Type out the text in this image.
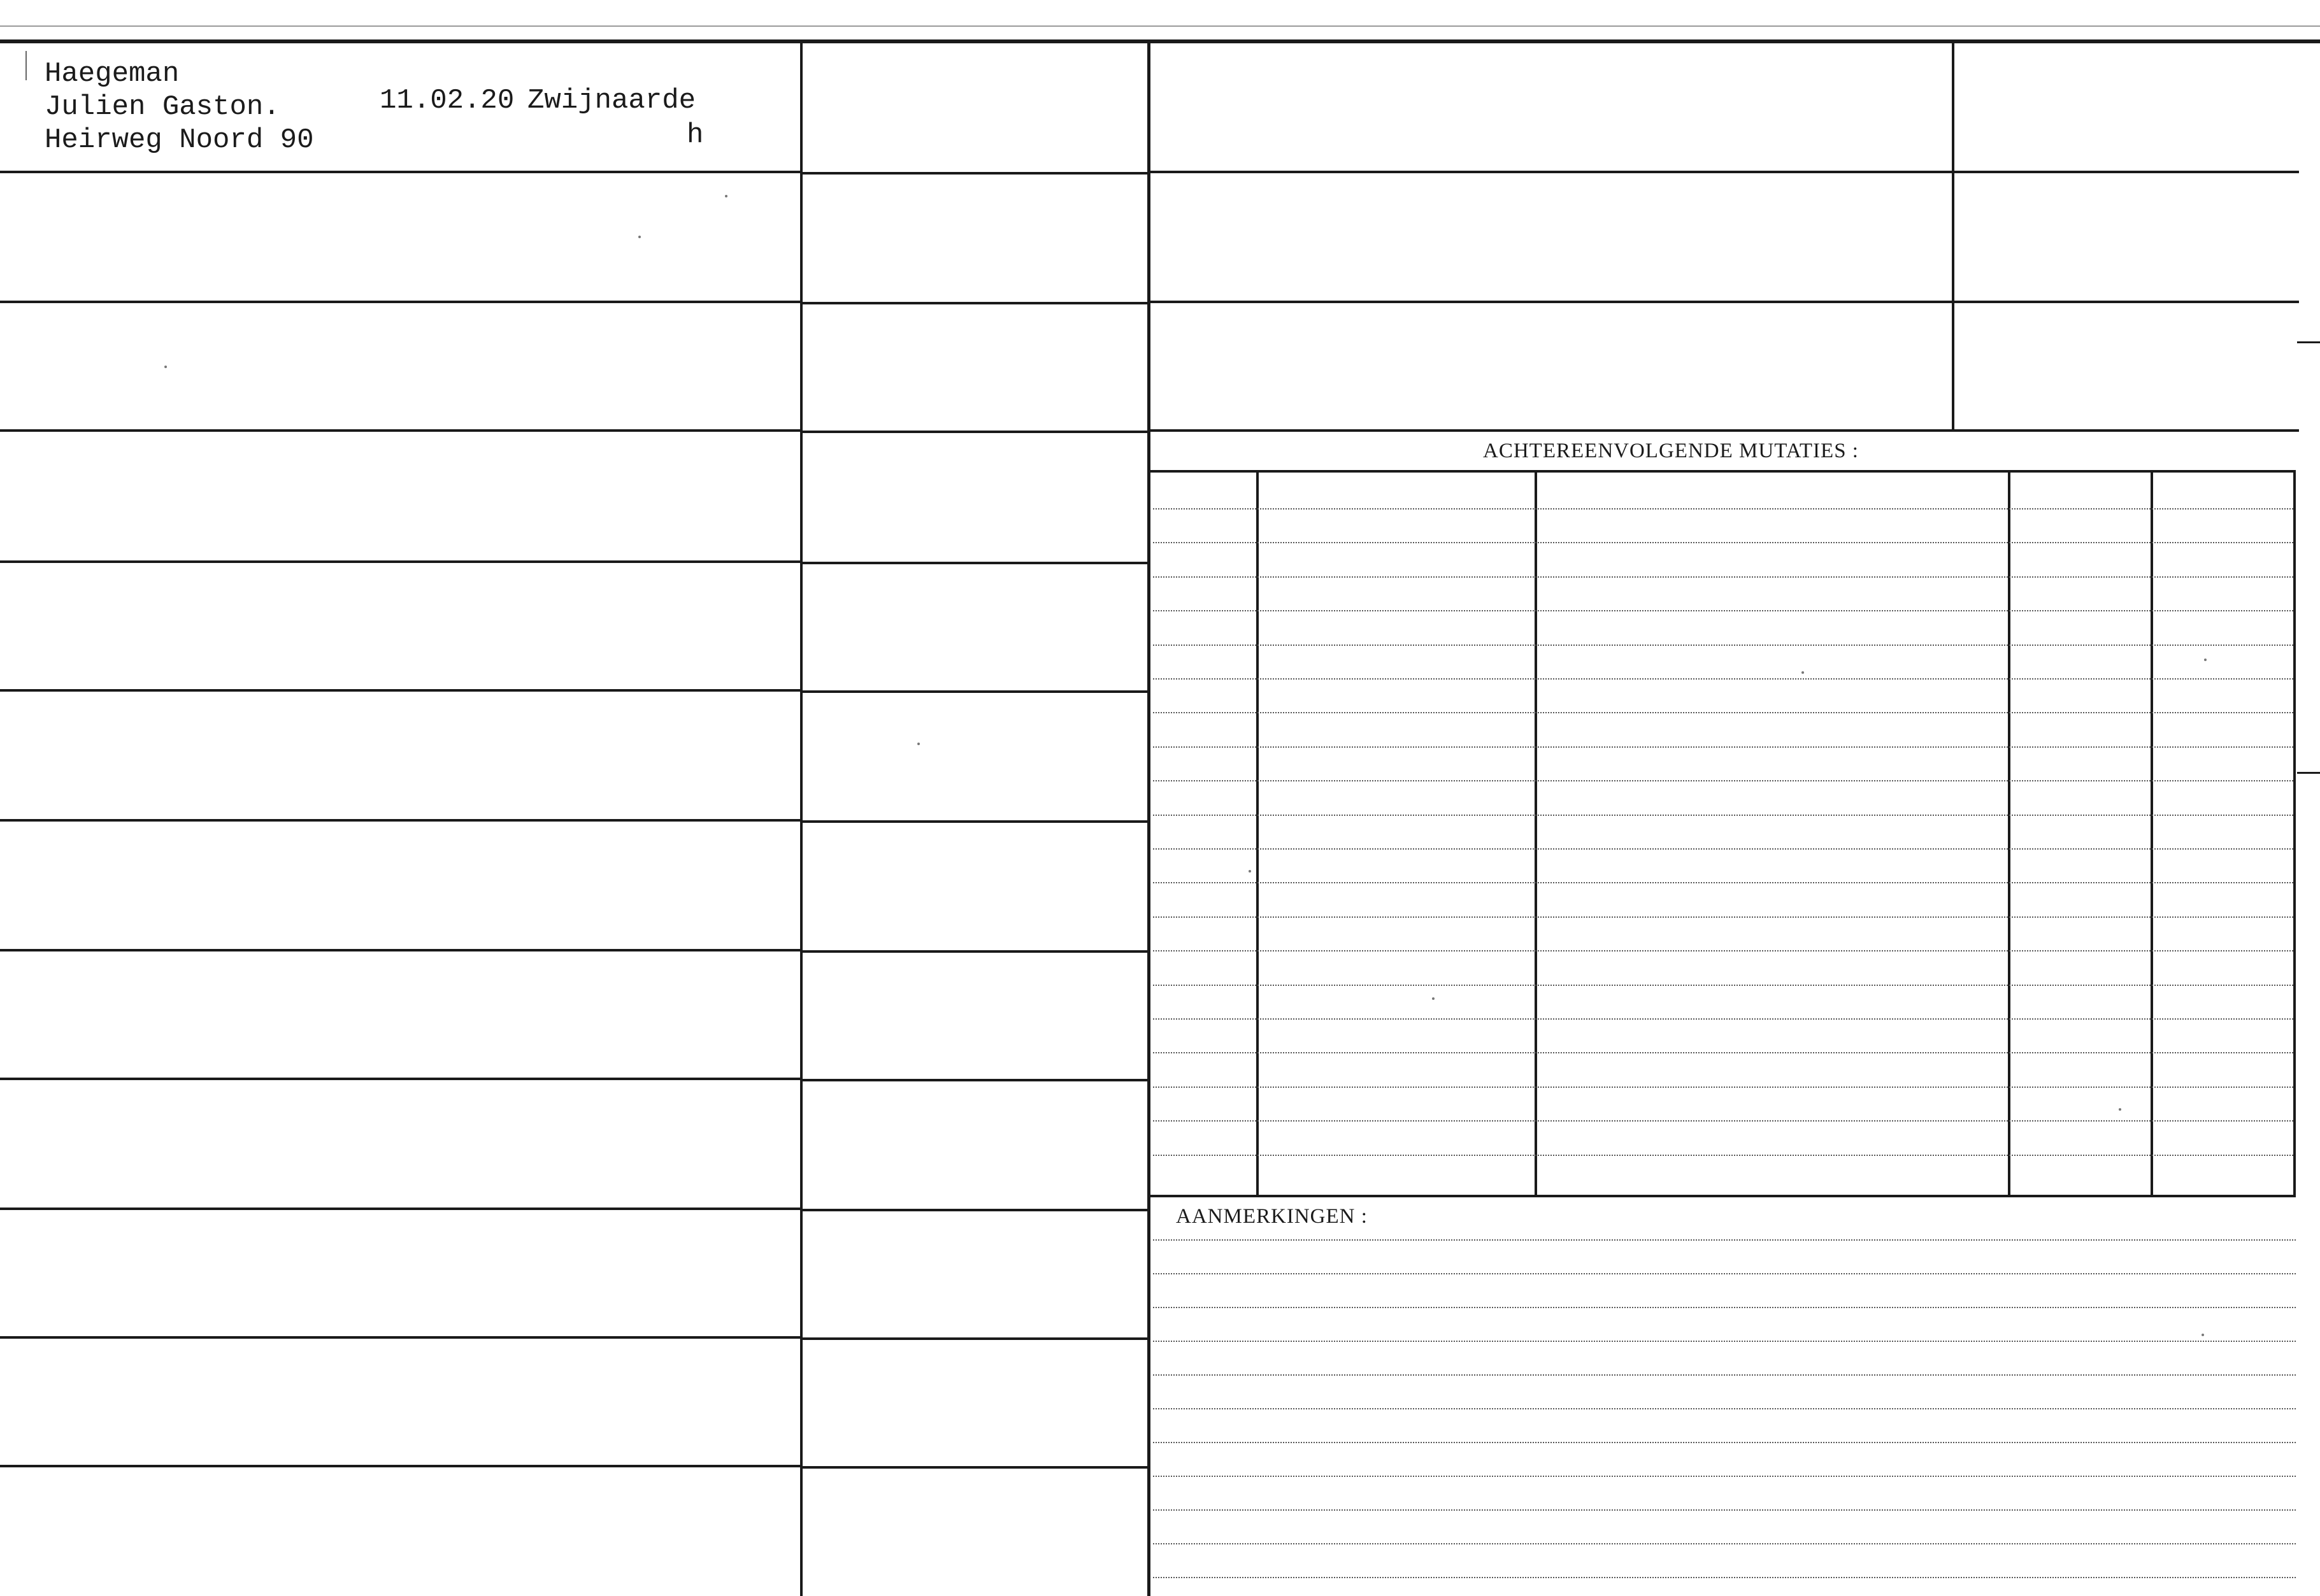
ACHTEREENVOLGENDE MUTATIES :
AANMERKINGEN :
Haegeman
Julien Gaston.
Heirweg Noord 90
11.02.20 Zwijnaarde
h
